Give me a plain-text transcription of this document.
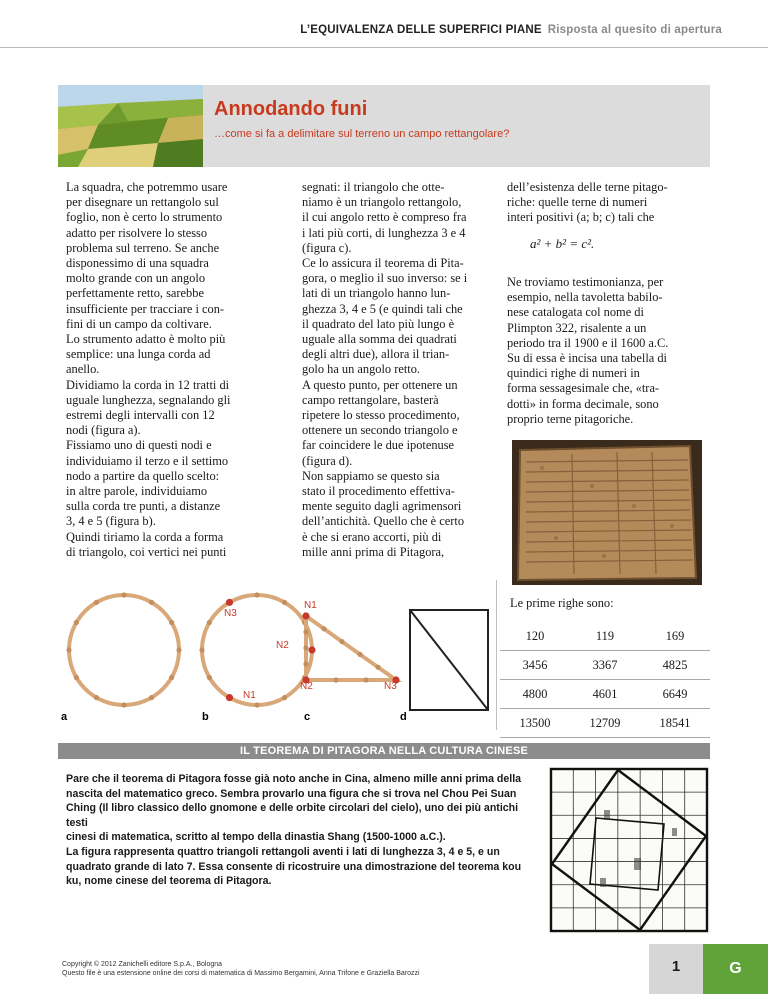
L’EQUIVALENZA DELLE SUPERFICI PIANE Risposta al quesito di apertura
Annodando funi
…come si fa a delimitare sul terreno un campo rettangolare?
La squadra, che potremmo usare
per disegnare un rettangolo sul
foglio, non è certo lo strumento
adatto per risolvere lo stesso
problema sul terreno. Se anche
disponessimo di una squadra
molto grande con un angolo
perfettamente retto, sarebbe
insufficiente per tracciare i con-
fini di un campo da coltivare.
Lo strumento adatto è molto più
semplice: una lunga corda ad
anello.
Dividiamo la corda in 12 tratti di
uguale lunghezza, segnalando gli
estremi degli intervalli con 12
nodi (figura a).
Fissiamo uno di questi nodi e
individuiamo il terzo e il settimo
nodo a partire da quello scelto:
in altre parole, individuiamo
sulla corda tre punti, a distanze
3, 4 e 5 (figura b).
Quindi tiriamo la corda a forma
di triangolo, coi vertici nei punti
segnati: il triangolo che otte-
niamo è un triangolo rettangolo,
il cui angolo retto è compreso fra
i lati più corti, di lunghezza 3 e 4
(figura c).
Ce lo assicura il teorema di Pita-
gora, o meglio il suo inverso: se i
lati di un triangolo hanno lun-
ghezza 3, 4 e 5 (e quindi tali che
il quadrato del lato più lungo è
uguale alla somma dei quadrati
degli altri due), allora il trian-
golo ha un angolo retto.
A questo punto, per ottenere un
campo rettangolare, basterà
ripetere lo stesso procedimento,
ottenere un secondo triangolo e
far coincidere le due ipotenuse
(figura d).
Non sappiamo se questo sia
stato il procedimento effettiva-
mente seguito dagli agrimensori
dell’antichità. Quello che è certo
è che si erano accorti, più di
mille anni prima di Pitagora,
dell’esistenza delle terne pitago-
riche: quelle terne di numeri
interi positivi (a; b; c) tali che
a² + b² = c².
Ne troviamo testimonianza, per
esempio, nella tavoletta babilo-
nese catalogata col nome di
Plimpton 322, risalente a un
periodo tra il 1900 e il 1600 a.C.
Su di essa è incisa una tabella di
quindici righe di numeri in
forma sessagesimale che, «tra-
dotti» in forma decimale, sono
proprio terne pitagoriche.
a	b	c	d
N3
N2
N1
N1
N2	N3
Le prime righe sono:
120	119	169
3456	3367	4825
4800	4601	6649
13500	12709	18541
IL TEOREMA DI PITAGORA NELLA CULTURA CINESE
Pare che il teorema di Pitagora fosse già noto anche in Cina, almeno mille anni prima della
nascita del matematico greco. Sembra provarlo una figura che si trova nel Chou Pei Suan
Ching (Il libro classico dello gnomone e delle orbite circolari del cielo), uno dei più antichi testi
cinesi di matematica, scritto al tempo della dinastia Shang (1500-1000 a.C.).
La figura rappresenta quattro triangoli rettangoli aventi i lati di lunghezza 3, 4 e 5, e un
quadrato grande di lato 7. Essa consente di ricostruire una dimostrazione del teorema kou
ku, nome cinese del teorema di Pitagora.
Copyright © 2012 Zanichelli editore S.p.A., Bologna
Questo file è una estensione online dei corsi di matematica di Massimo Bergamini, Anna Trifone e Graziella Barozzi	1	G
